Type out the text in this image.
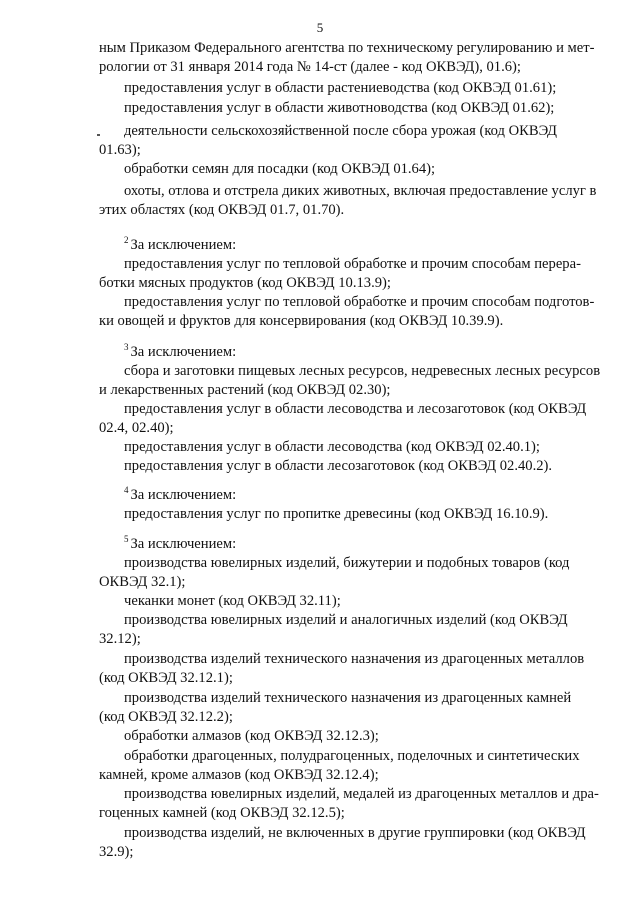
5
ным Приказом Федерального агентства по техническому регулированию и мет-
рологии от 31 января 2014 года № 14-ст (далее - код ОКВЭД), 01.6);
предоставления услуг в области растениеводства (код ОКВЭД 01.61);
предоставления услуг в области животноводства (код ОКВЭД 01.62);
деятельности сельскохозяйственной после сбора урожая (код ОКВЭД
01.63);
обработки семян для посадки (код ОКВЭД 01.64);
охоты, отлова и отстрела диких животных, включая предоставление услуг в
этих областях (код ОКВЭД 01.7, 01.70).
$^2$ За исключением:
предоставления услуг по тепловой обработке и прочим способам перера-
ботки мясных продуктов (код ОКВЭД 10.13.9);
предоставления услуг по тепловой обработке и прочим способам подготов-
ки овощей и фруктов для консервирования (код ОКВЭД 10.39.9).
$^3$ За исключением:
сбора и заготовки пищевых лесных ресурсов, недревесных лесных ресурсов
и лекарственных растений (код ОКВЭД 02.30);
предоставления услуг в области лесоводства и лесозаготовок (код ОКВЭД
02.4, 02.40);
предоставления услуг в области лесоводства (код ОКВЭД 02.40.1);
предоставления услуг в области лесозаготовок (код ОКВЭД 02.40.2).
$^4$ За исключением:
предоставления услуг по пропитке древесины (код ОКВЭД 16.10.9).
$^5$ За исключением:
производства ювелирных изделий, бижутерии и подобных товаров (код
ОКВЭД 32.1);
чеканки монет (код ОКВЭД 32.11);
производства ювелирных изделий и аналогичных изделий (код ОКВЭД
32.12);
производства изделий технического назначения из драгоценных металлов
(код ОКВЭД 32.12.1);
производства изделий технического назначения из драгоценных камней
(код ОКВЭД 32.12.2);
обработки алмазов (код ОКВЭД 32.12.3);
обработки драгоценных, полудрагоценных, поделочных и синтетических
камней, кроме алмазов (код ОКВЭД 32.12.4);
производства ювелирных изделий, медалей из драгоценных металлов и дра-
гоценных камней (код ОКВЭД 32.12.5);
производства изделий, не включенных в другие группировки (код ОКВЭД
32.9);
